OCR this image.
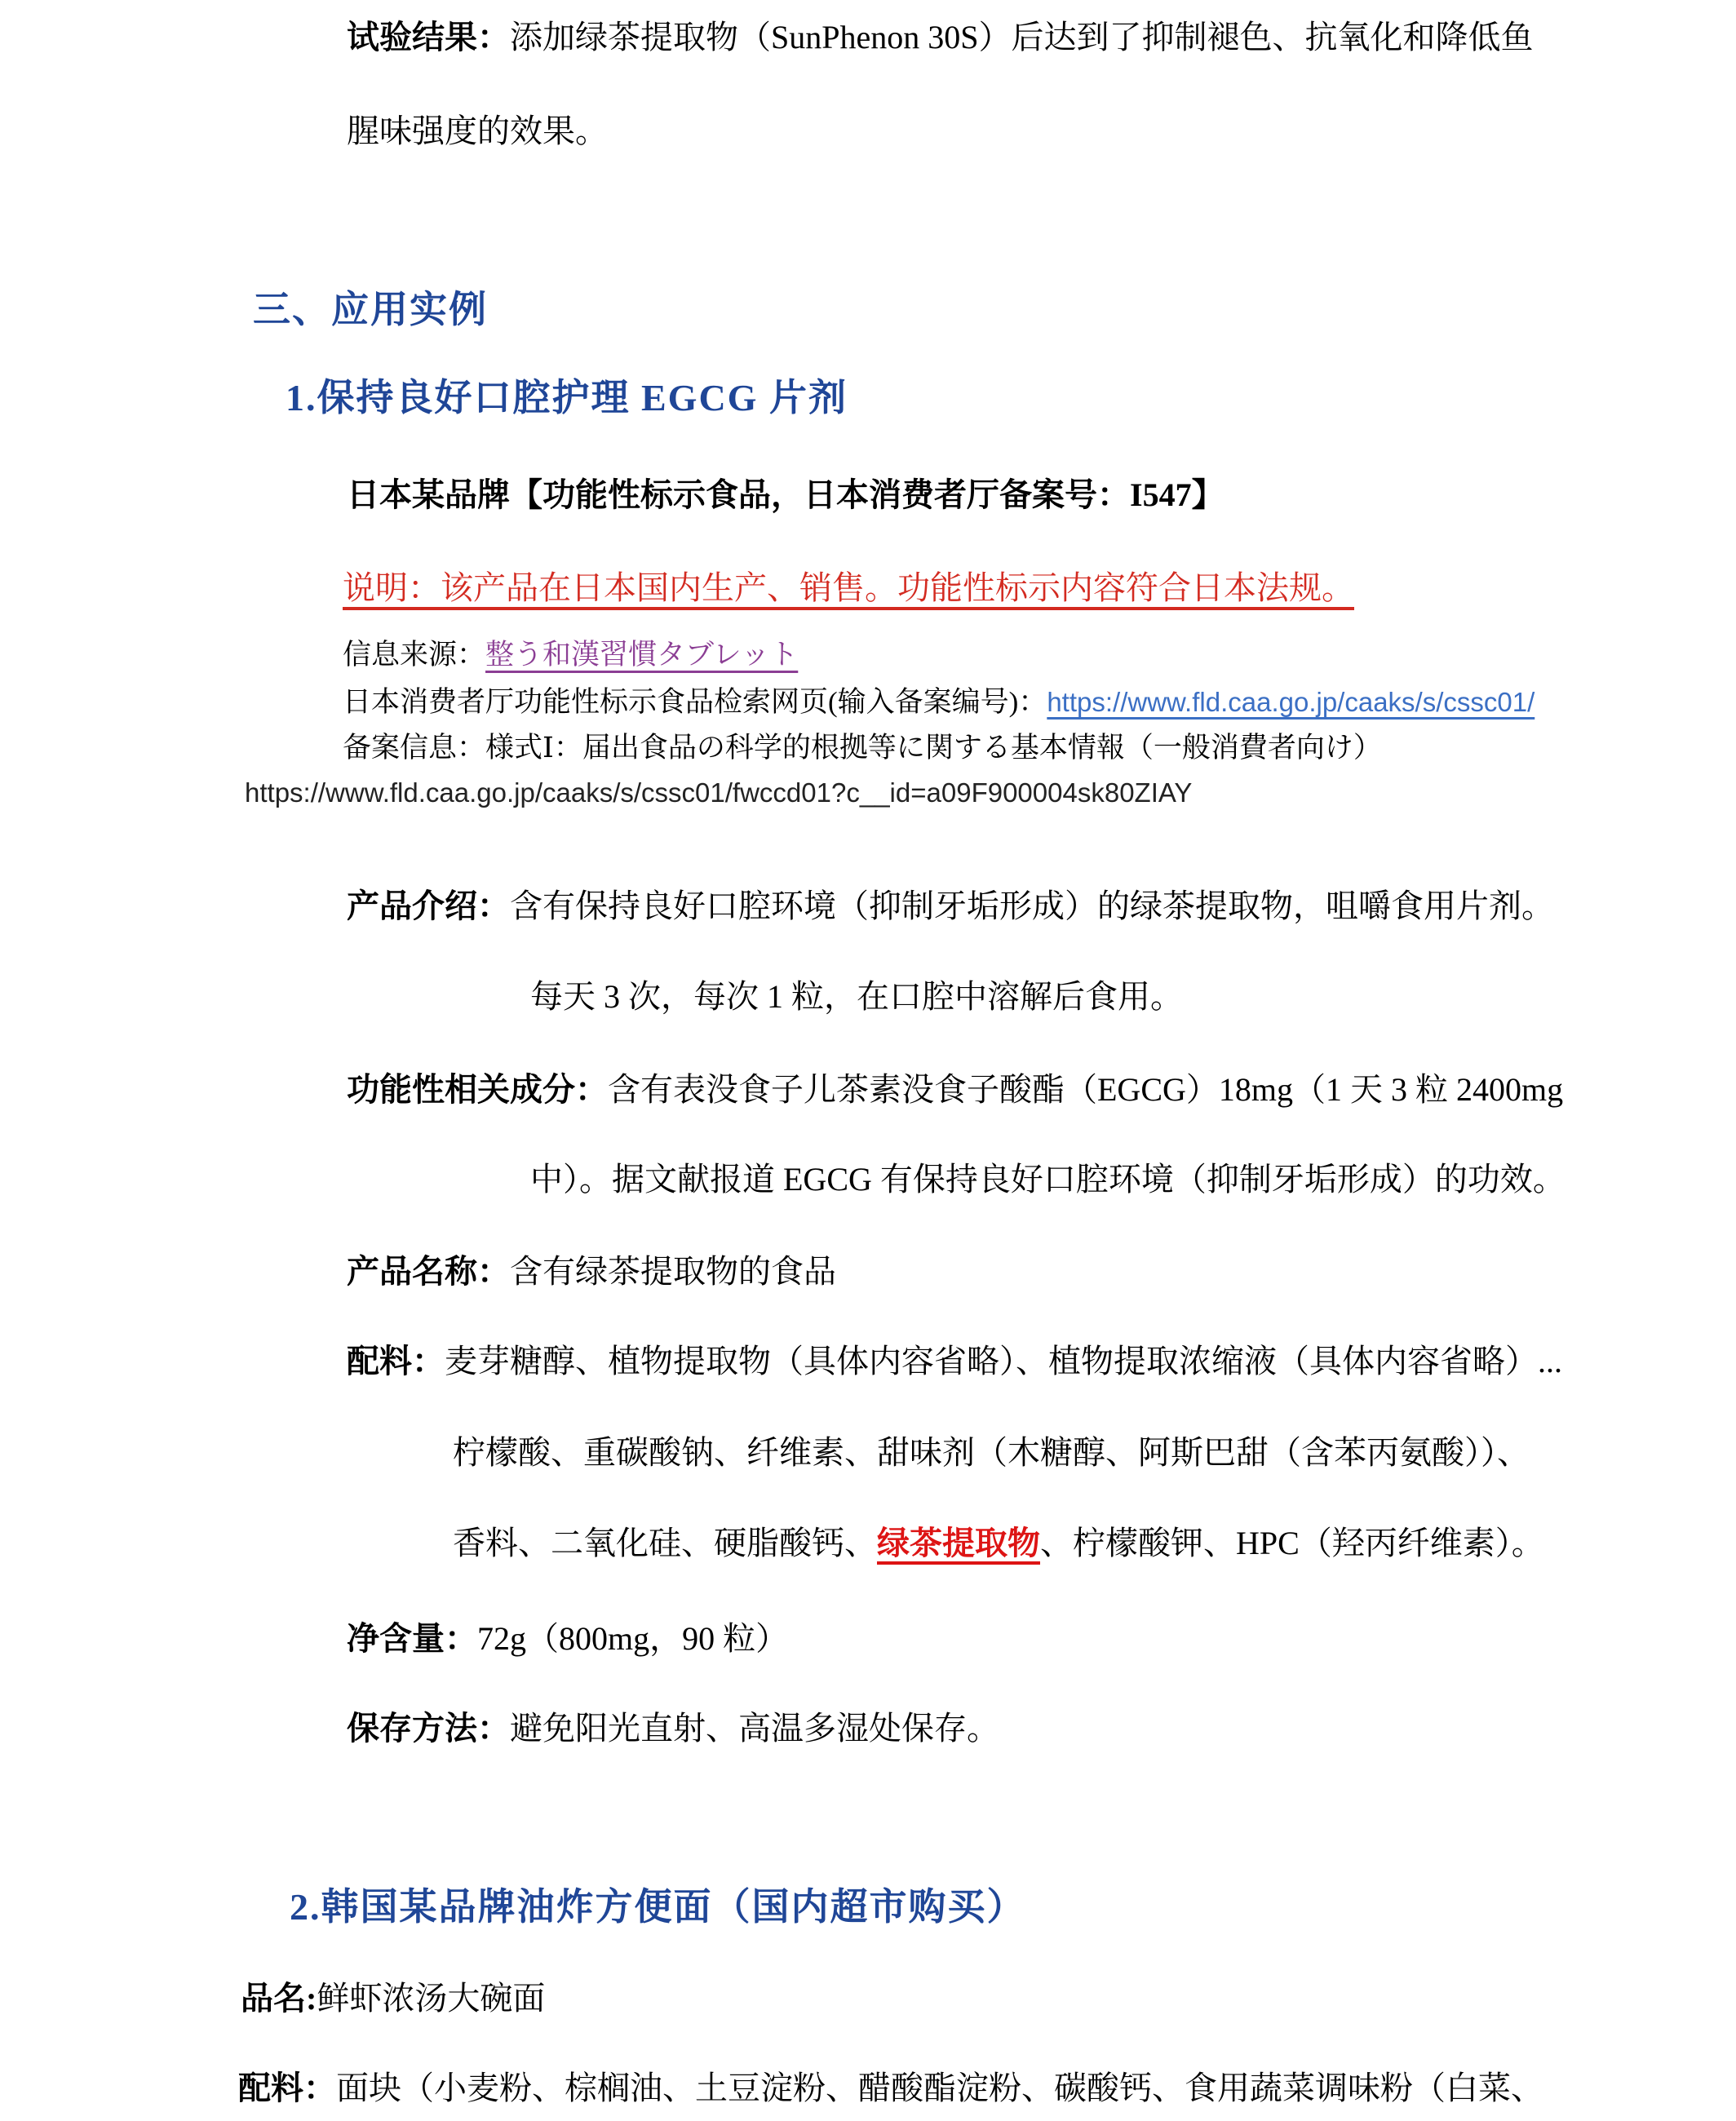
试验结果：添加绿茶提取物（SunPhenon 30S）后达到了抑制褪色、抗氧化和降低鱼
腥味强度的效果。
三、应用实例
1.保持良好口腔护理 EGCG 片剂
日本某品牌【功能性标示食品，日本消费者厅备案号：I547】
说明：该产品在日本国内生产、销售。功能性标示内容符合日本法规。
信息来源：整う和漢習慣タブレット
日本消费者厅功能性标示食品检索网页(输入备案编号)：https://www.fld.caa.go.jp/caaks/s/cssc01/
备案信息：様式Ⅰ：届出食品の科学的根拠等に関する基本情報（一般消費者向け）
https://www.fld.caa.go.jp/caaks/s/cssc01/fwccd01?c__id=a09F900004sk80ZIAY
产品介绍：含有保持良好口腔环境（抑制牙垢形成）的绿茶提取物，咀嚼食用片剂。
每天 3 次，每次 1 粒，在口腔中溶解后食用。
功能性相关成分：含有表没食子儿茶素没食子酸酯（EGCG）18mg（1 天 3 粒 2400mg
中）。据文献报道 EGCG 有保持良好口腔环境（抑制牙垢形成）的功效。
产品名称：含有绿茶提取物的食品
配料：麦芽糖醇、植物提取物（具体内容省略）、植物提取浓缩液（具体内容省略）...
柠檬酸、重碳酸钠、纤维素、甜味剂（木糖醇、阿斯巴甜（含苯丙氨酸））、
香料、二氧化硅、硬脂酸钙、绿茶提取物、柠檬酸钾、HPC（羟丙纤维素）。
净含量：72g（800mg，90 粒）
保存方法：避免阳光直射、高温多湿处保存。
2.韩国某品牌油炸方便面（国内超市购买）
品名:鲜虾浓汤大碗面
配料：面块（小麦粉、棕榈油、土豆淀粉、醋酸酯淀粉、碳酸钙、食用蔬菜调味粉（白菜、
